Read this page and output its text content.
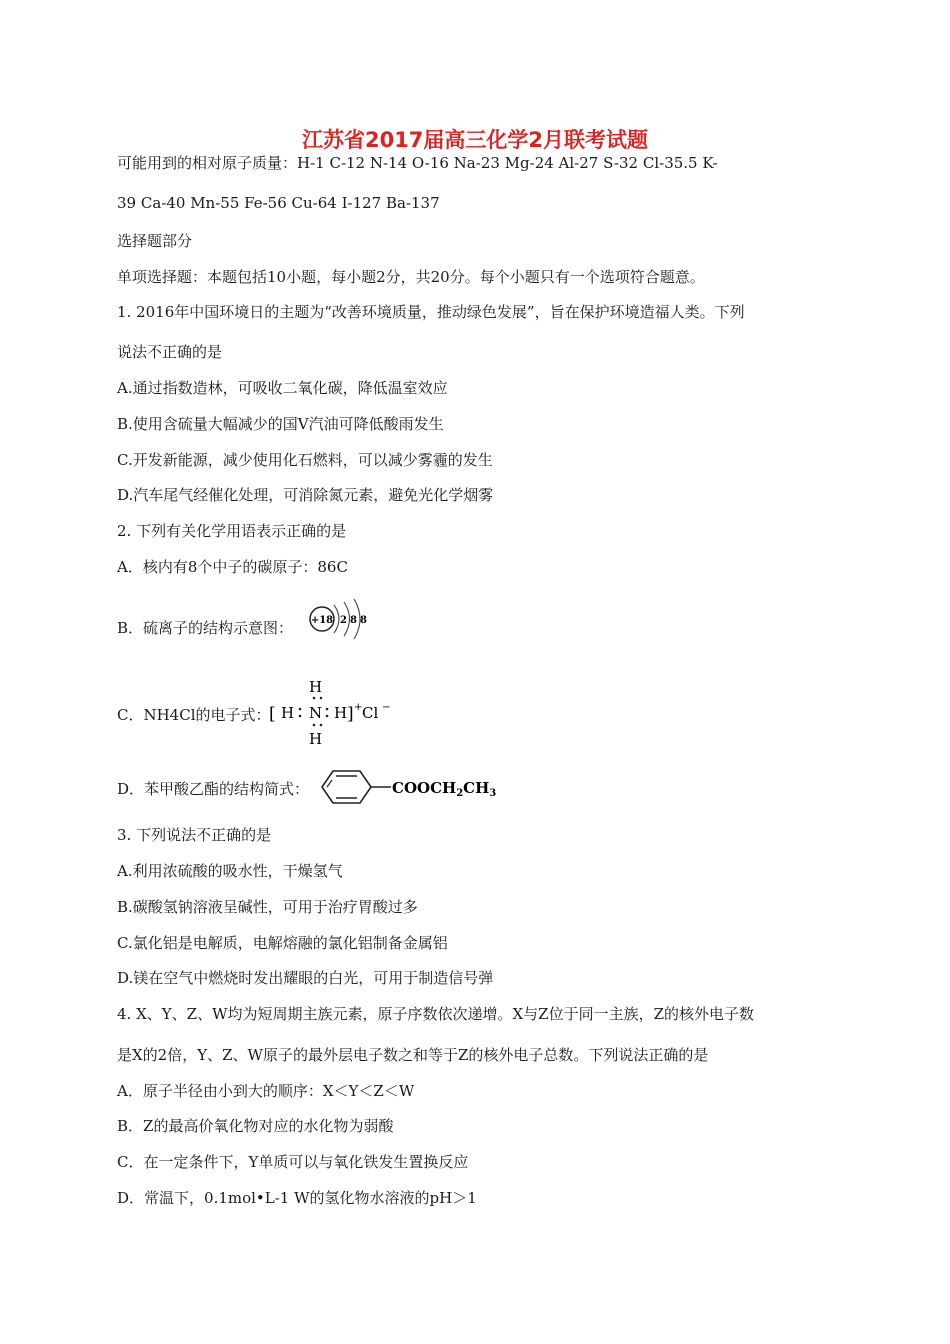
江苏省2017届高三化学2月联考试题
可能用到的相对原子质量：H-1 C-12 N-14 O-16 Na-23 Mg-24 Al-27 S-32 Cl-35.5 K-
39 Ca-40 Mn-55 Fe-56 Cu-64 I-127 Ba-137
选择题部分
单项选择题：本题包括10小题，每小题2分，共20分。每个小题只有一个选项符合题意。
1. 2016年中国环境日的主题为“改善环境质量，推动绿色发展”，旨在保护环境造福人类。下列
说法不正确的是
A.通过指数造林，可吸收二氧化碳，降低温室效应
B.使用含硫量大幅减少的国Ⅴ汽油可降低酸雨发生
C.开发新能源，减少使用化石燃料，可以减少雾霾的发生
D.汽车尾气经催化处理，可消除氮元素，避免光化学烟雾
2. 下列有关化学用语表示正确的是
A．核内有8个中子的碳原子：86C
B．硫离子的结构示意图： +18 2 8 8
C．NH4Cl的电子式：
H
[ H N H ] + Cl −
H
D．苯甲酸乙酯的结构简式：	$COOCH_2CH_3$
3. 下列说法不正确的是
A.利用浓硫酸的吸水性，干燥氢气
B.碳酸氢钠溶液呈碱性，可用于治疗胃酸过多
C.氯化铝是电解质，电解熔融的氯化铝制备金属铝
D.镁在空气中燃烧时发出耀眼的白光，可用于制造信号弹
4. X、Y、Z、W均为短周期主族元素，原子序数依次递增。X与Z位于同一主族，Z的核外电子数
是X的2倍，Y、Z、W原子的最外层电子数之和等于Z的核外电子总数。下列说法正确的是
A．原子半径由小到大的顺序：X＜Y＜Z＜W
B．Z的最高价氧化物对应的水化物为弱酸
C．在一定条件下，Y单质可以与氧化铁发生置换反应
D．常温下，0.1mol•L-1 W的氢化物水溶液的pH＞1
